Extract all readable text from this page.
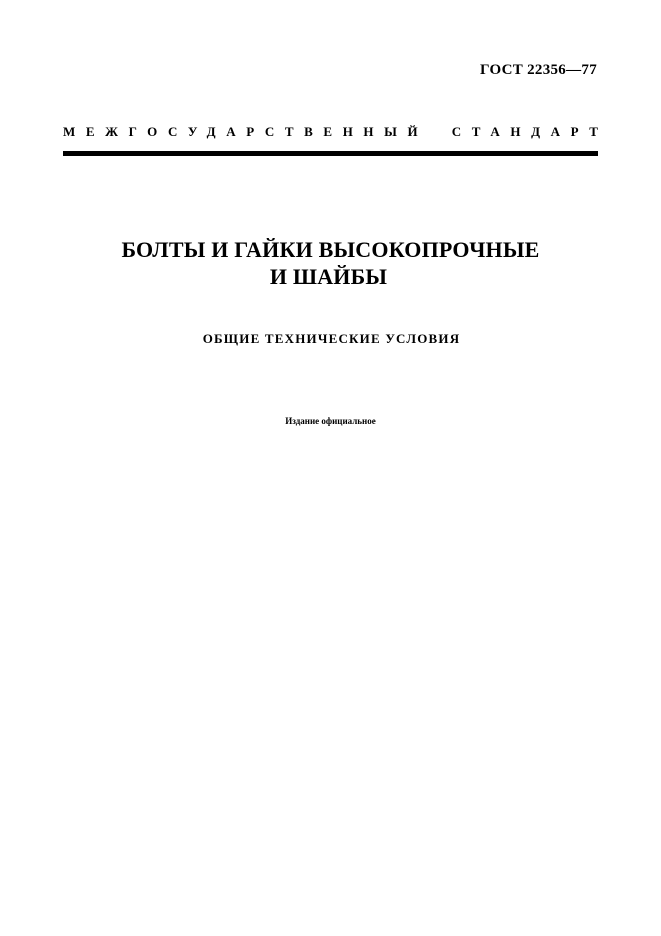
ГОСТ 22356—77
МЕЖГОСУДАРСТВЕННЫЙ СТАНДАРТ
БОЛТЫ И ГАЙКИ ВЫСОКОПРОЧНЫЕ
И ШАЙБЫ
ОБЩИЕ ТЕХНИЧЕСКИЕ УСЛОВИЯ
Издание официальное
